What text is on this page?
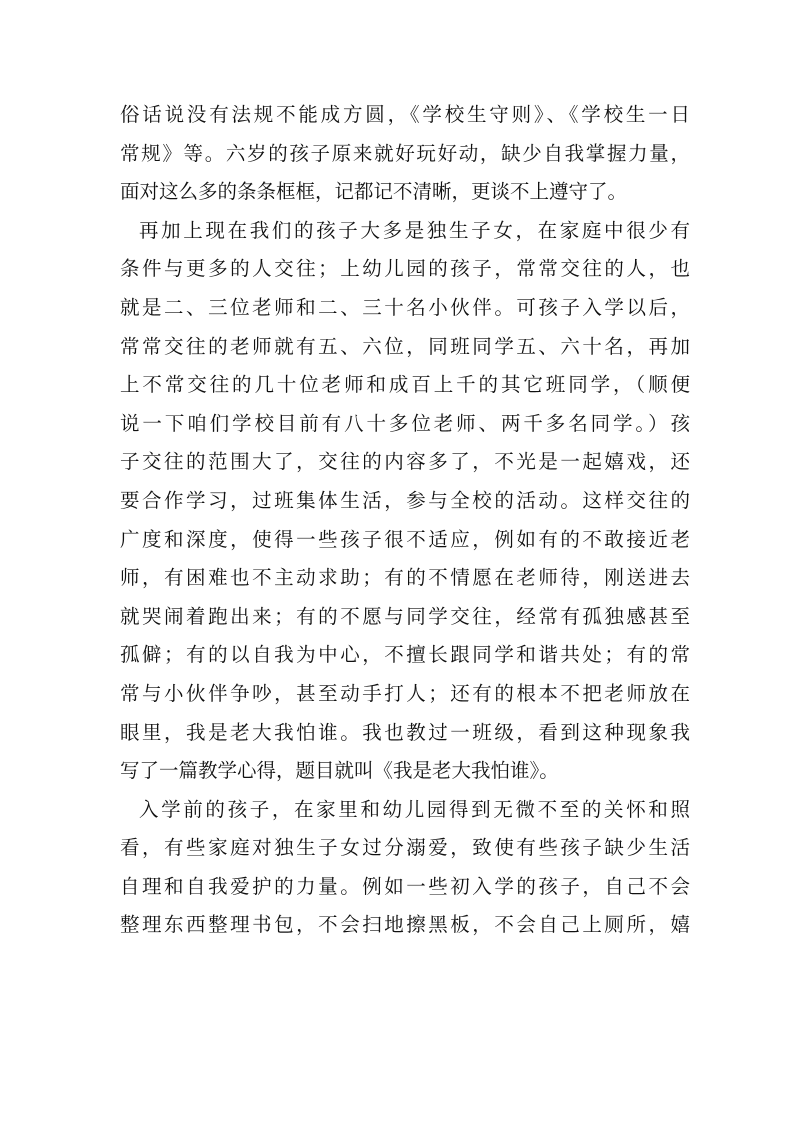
俗话说没有法规不能成方圆，《学校生守则》、《学校生一日
常规》等。六岁的孩子原来就好玩好动，缺少自我掌握力量，
面对这么多的条条框框，记都记不清晰，更谈不上遵守了。
再加上现在我们的孩子大多是独生子女，在家庭中很少有
条件与更多的人交往；上幼儿园的孩子，常常交往的人，也
就是二、三位老师和二、三十名小伙伴。可孩子入学以后，
常常交往的老师就有五、六位，同班同学五、六十名，再加
上不常交往的几十位老师和成百上千的其它班同学，（顺便
说一下咱们学校目前有八十多位老师、两千多名同学。）孩
子交往的范围大了，交往的内容多了，不光是一起嬉戏，还
要合作学习，过班集体生活，参与全校的活动。这样交往的
广度和深度，使得一些孩子很不适应，例如有的不敢接近老
师，有困难也不主动求助；有的不情愿在老师待，刚送进去
就哭闹着跑出来；有的不愿与同学交往，经常有孤独感甚至
孤僻；有的以自我为中心，不擅长跟同学和谐共处；有的常
常与小伙伴争吵，甚至动手打人；还有的根本不把老师放在
眼里，我是老大我怕谁。我也教过一班级，看到这种现象我
写了一篇教学心得，题目就叫《我是老大我怕谁》。
入学前的孩子，在家里和幼儿园得到无微不至的关怀和照
看，有些家庭对独生子女过分溺爱，致使有些孩子缺少生活
自理和自我爱护的力量。例如一些初入学的孩子，自己不会
整理东西整理书包，不会扫地擦黑板，不会自己上厕所，嬉
